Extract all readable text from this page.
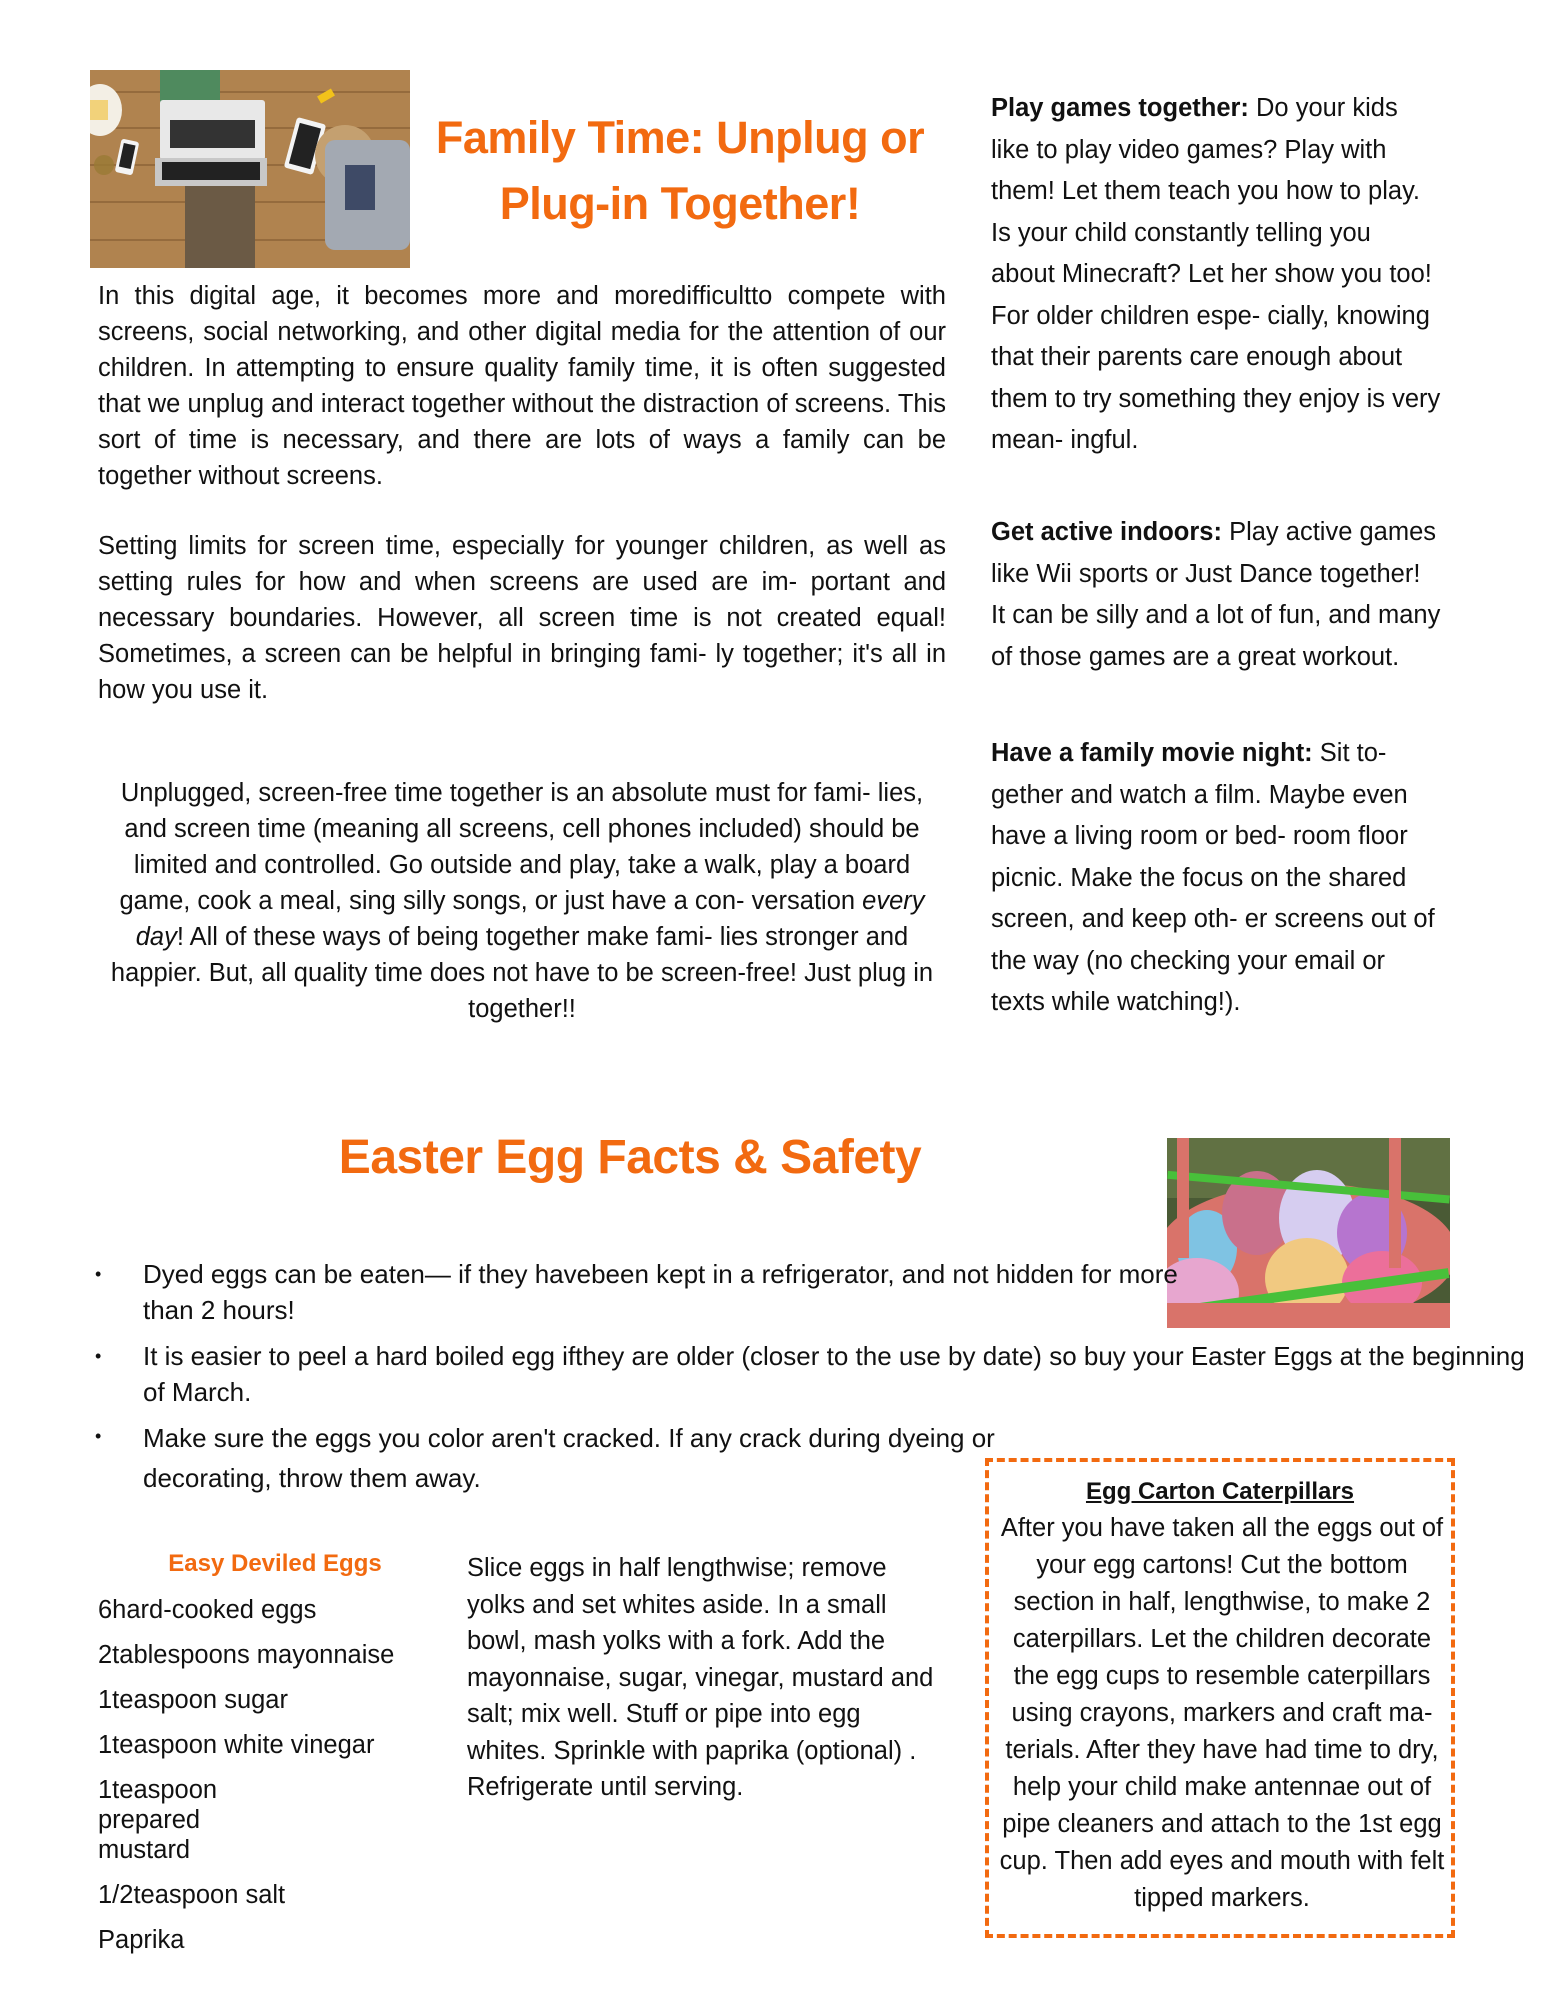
Family Time: Unplug or Plug-in Together!

In this digital age, it becomes more and moredifficultto compete with screens, social networking, and other digital media for the attention of our children. In attempting to ensure quality family time, it is often suggested that we unplug and interact together without the distraction of screens. This sort of time is necessary, and there are lots of ways a family can be together without screens.

Setting limits for screen time, especially for younger children, as well as setting rules for how and when screens are used are im- portant and necessary boundaries. However, all screen time is not created equal! Sometimes, a screen can be helpful in bringing fami- ly together; it's all in how you use it.

Unplugged, screen-free time together is an absolute must for fami- lies, and screen time (meaning all screens, cell phones included) should be limited and controlled. Go outside and play, take a walk, play a board game, cook a meal, sing silly songs, or just have a con- versation every day! All of these ways of being together make fami- lies stronger and happier. But, all quality time does not have to be screen-free! Just plug in together!!

Play games together: Do your kids like to play video games? Play with them! Let them teach you how to play. Is your child constantly telling you about Minecraft? Let her show you too! For older children espe- cially, knowing that their parents care enough about them to try something they enjoy is very mean- ingful.

Get active indoors: Play active games like Wii sports or Just Dance together! It can be silly and a lot of fun, and many of those games are a great workout.

Have a family movie night: Sit to- gether and watch a film. Maybe even have a living room or bed- room floor picnic. Make the focus on the shared screen, and keep oth- er screens out of the way (no checking your email or texts while watching!).

Easter Egg Facts & Safety
•	Dyed eggs can be eaten— if they havebeen kept in a refrigerator, and not hidden for more than 2 hours!
•	It is easier to peel a hard boiled egg ifthey are older (closer to the use by date) so buy your Easter Eggs at the beginning of March.
•	Make sure the eggs you color aren't cracked. If any crack during dyeing or decorating, throw them away.
Easy Deviled Eggs
6hard-cooked eggs
2tablespoons mayonnaise
1teaspoon sugar
1teaspoon white vinegar
1teaspoon prepared mustard
1/2teaspoon salt
Paprika

Slice eggs in half lengthwise; remove yolks and set whites aside. In a small bowl, mash yolks with a fork. Add the mayonnaise, sugar, vinegar, mustard and salt; mix well. Stuff or pipe into egg whites. Sprinkle with paprika (optional) . Refrigerate until serving.

Egg Carton Caterpillars
After you have taken all the eggs out of your egg cartons! Cut the bottom section in half, lengthwise, to make 2 caterpillars. Let the children decorate the egg cups to resemble caterpillars using crayons, markers and craft ma- terials. After they have had time to dry, help your child make antennae out of pipe cleaners and attach to the 1st egg cup. Then add eyes and mouth with felt tipped markers.
